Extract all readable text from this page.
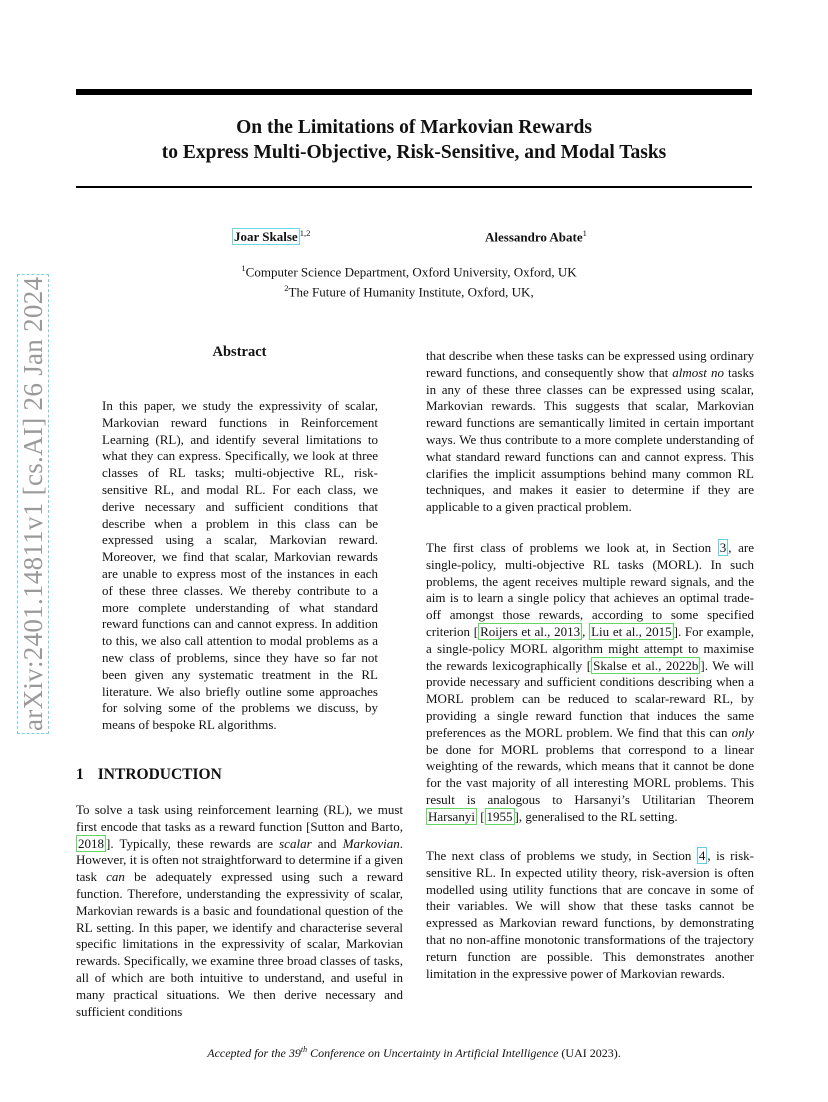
On the Limitations of Markovian Rewards
to Express Multi-Objective, Risk-Sensitive, and Modal Tasks
Joar Skalse $^{1,2}$	Alessandro Abate$^1$
$^1$Computer Science Department, Oxford University, Oxford, UK
$^2$The Future of Humanity Institute, Oxford, UK,
arXiv:2401.14811v1 [cs.AI] 26 Jan 2024	Abstract
In this paper, we study the expressivity of scalar, Markovian reward functions in Reinforcement Learning (RL), and identify several limitations to what they can express. Specifically, we look at three classes of RL tasks; multi-objective RL, risk-sensitive RL, and modal RL. For each class, we derive necessary and sufficient conditions that describe when a problem in this class can be expressed using a scalar, Markovian reward. Moreover, we find that scalar, Markovian rewards are unable to express most of the instances in each of these three classes. We thereby contribute to a more complete understanding of what standard reward functions can and cannot express. In addition to this, we also call attention to modal problems as a new class of problems, since they have so far not been given any systematic treatment in the RL literature. We also briefly outline some approaches for solving some of the problems we discuss, by means of bespoke RL algorithms.
1 INTRODUCTION

To solve a task using reinforcement learning (RL), we must first encode that tasks as a reward function [Sutton and Barto, 2018 ]. Typically, these rewards are scalar and Markovian. However, it is often not straightforward to determine if a given task can be adequately expressed using such a reward function. Therefore, understanding the expressivity of scalar, Markovian rewards is a basic and foundational question of the RL setting. In this paper, we identify and characterise several specific limitations in the expressivity of scalar, Markovian rewards. Specifically, we examine three broad classes of tasks, all of which are both intuitive to understand, and useful in many practical situations. We then derive necessary and sufficient conditions

that describe when these tasks can be expressed using ordinary reward functions, and consequently show that almost no tasks in any of these three classes can be expressed using scalar, Markovian rewards. This suggests that scalar, Markovian reward functions are semantically limited in certain important ways. We thus contribute to a more complete understanding of what standard reward functions can and cannot express. This clarifies the implicit assumptions behind many common RL techniques, and makes it easier to determine if they are applicable to a given practical problem.

The first class of problems we look at, in Section 3 , are single-policy, multi-objective RL tasks (MORL). In such problems, the agent receives multiple reward signals, and the aim is to learn a single policy that achieves an optimal trade-off amongst those rewards, according to some specified criterion [ Roijers et al., 2013 , Liu et al., 2015 ]. For example, a single-policy MORL algorithm might attempt to maximise the rewards lexicographically [ Skalse et al., 2022b ]. We will provide necessary and sufficient conditions describing when a MORL problem can be reduced to scalar-reward RL, by providing a single reward function that induces the same preferences as the MORL problem. We find that this can only be done for MORL problems that correspond to a linear weighting of the rewards, which means that it cannot be done for the vast majority of all interesting MORL problems. This result is analogous to Harsanyi’s Utilitarian Theorem Harsanyi [ 1955 ], generalised to the RL setting.

The next class of problems we study, in Section 4 , is risk-sensitive RL. In expected utility theory, risk-aversion is often modelled using utility functions that are concave in some of their variables. We will show that these tasks cannot be expressed as Markovian reward functions, by demonstrating that no non-affine monotonic transformations of the trajectory return function are possible. This demonstrates another limitation in the expressive power of Markovian rewards.

Accepted for the 39th Conference on Uncertainty in Artificial Intelligence (UAI 2023).
